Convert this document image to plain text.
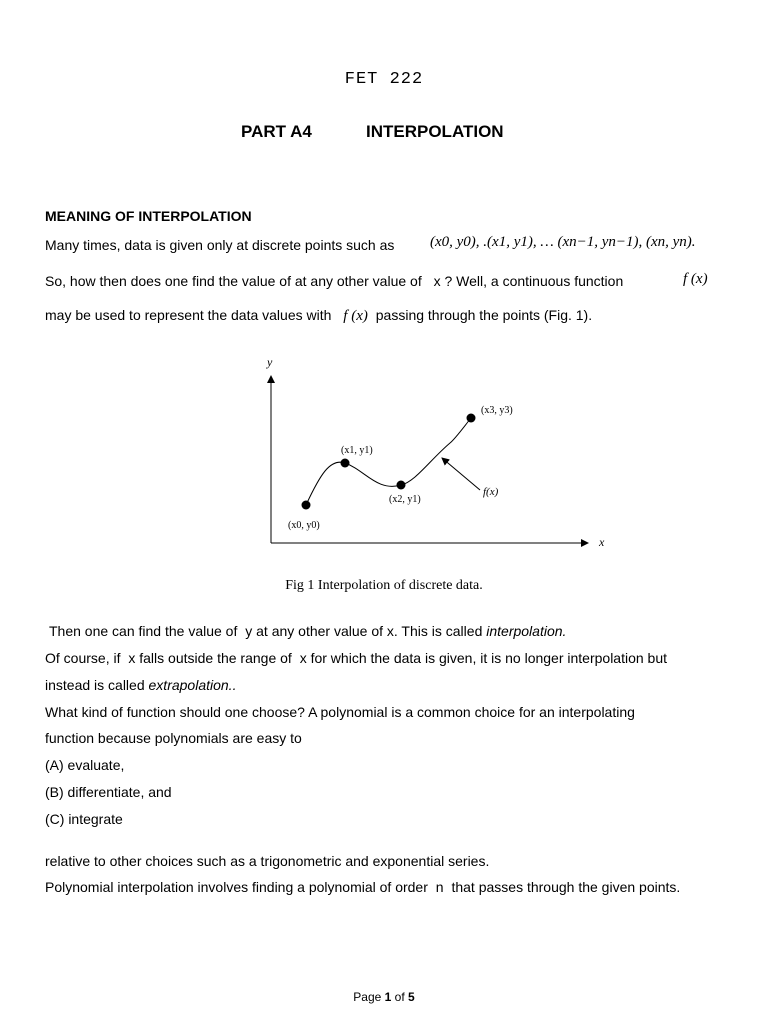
FET 222
PART A4	INTERPOLATION
MEANING OF INTERPOLATION
Many times, data is given only at discrete points such as (x0, y0), .(x1, y1), … (xn−1, yn−1), (xn, yn).
So, how then does one find the value of at any other value of x ? Well, a continuous function	f (x)
may be used to represent the data values with f (x) passing through the points (Fig. 1).
y
x
(x0, y0)
(x1, y1)
(x2, y1)
(x3, y3)
f(x)
Fig 1 Interpolation of discrete data.
Then one can find the value of y at any other value of x. This is called interpolation.
Of course, if x falls outside the range of x for which the data is given, it is no longer interpolation but
instead is called extrapolation..
What kind of function should one choose? A polynomial is a common choice for an interpolating
function because polynomials are easy to
(A) evaluate,
(B) differentiate, and
(C) integrate
relative to other choices such as a trigonometric and exponential series.
Polynomial interpolation involves finding a polynomial of order n that passes through the given points.
Page 1 of 5
